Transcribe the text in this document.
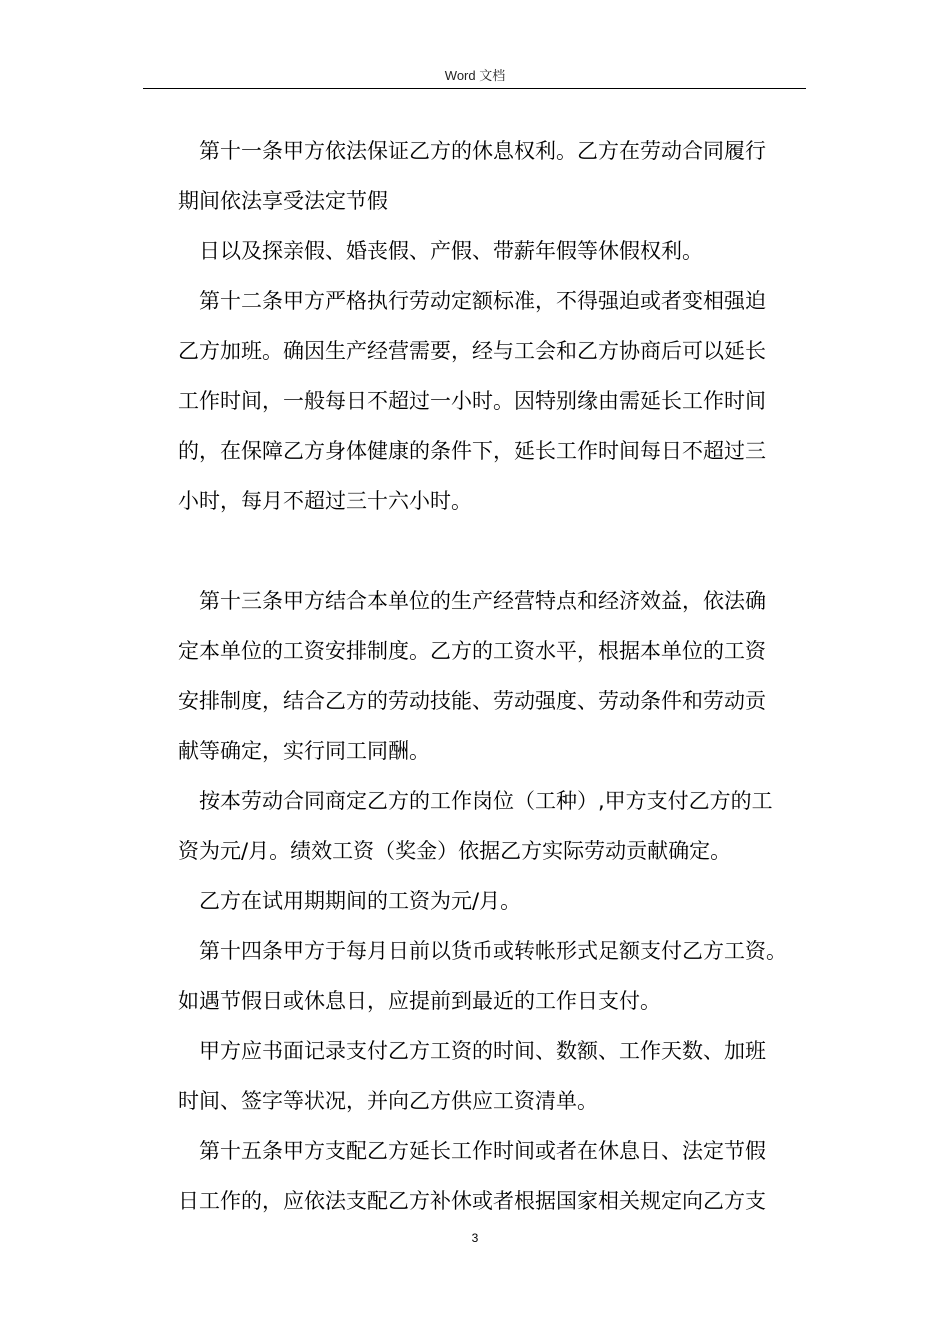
Word 文档
第十一条甲方依法保证乙方的休息权利。乙方在劳动合同履行
期间依法享受法定节假
日以及探亲假、婚丧假、产假、带薪年假等休假权利。
第十二条甲方严格执行劳动定额标准，不得强迫或者变相强迫
乙方加班。确因生产经营需要，经与工会和乙方协商后可以延长
工作时间，一般每日不超过一小时。因特别缘由需延长工作时间
的，在保障乙方身体健康的条件下，延长工作时间每日不超过三
小时，每月不超过三十六小时。
第十三条甲方结合本单位的生产经营特点和经济效益，依法确
定本单位的工资安排制度。乙方的工资水平，根据本单位的工资
安排制度，结合乙方的劳动技能、劳动强度、劳动条件和劳动贡
献等确定，实行同工同酬。
按本劳动合同商定乙方的工作岗位（工种）,甲方支付乙方的工
资为元/月。绩效工资（奖金）依据乙方实际劳动贡献确定。
乙方在试用期期间的工资为元/月。
第十四条甲方于每月日前以货币或转帐形式足额支付乙方工资。
如遇节假日或休息日，应提前到最近的工作日支付。
甲方应书面记录支付乙方工资的时间、数额、工作天数、加班
时间、签字等状况，并向乙方供应工资清单。
第十五条甲方支配乙方延长工作时间或者在休息日、法定节假
日工作的，应依法支配乙方补休或者根据国家相关规定向乙方支
3
